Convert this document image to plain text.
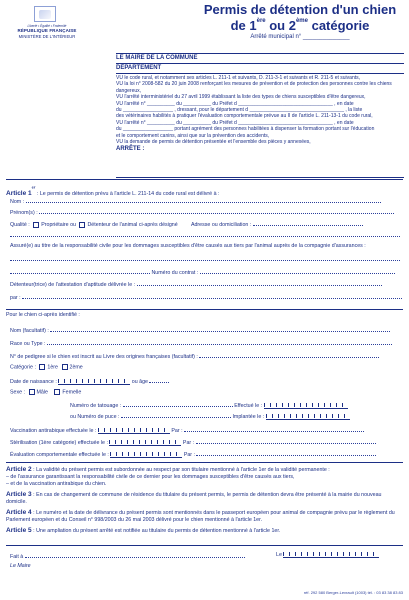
Liberté • Égalité • Fraternité
RÉPUBLIQUE FRANÇAISE
MINISTÈRE DE L'INTÉRIEUR
Permis de détention d'un chien
de 1ère ou 2ème catégorie
Arrêté municipal n° ______________

LE MAIRE DE LA COMMUNE

DÉPARTEMENT

VU le code rural, et notamment ses articles L. 211-1 et suivants, D. 211-3-1 et suivants et R. 211-5 et suivants,

VU la loi n° 2008-582 du 20 juin 2008 renforçant les mesures de prévention et de protection des personnes contre les chiens dangereux,

VU l'arrêté interministériel du 27 avril 1999 établissant la liste des types de chiens susceptibles d'être dangereux,

VU l'arrêté n° __________ du __________ du Préfet d __________________________________ , en date

du __________________ , dressant, pour le département d __________________________________ , la liste

des vétérinaires habilités à pratiquer l'évaluation comportementale prévue au II de l'article L. 211-13-1 du code rural,

VU l'arrêté n° __________ du __________ du Préfet d __________________________________ , en date

du __________________ portant agrément des personnes habilitées à dispenser la formation portant sur l'éducation

et le comportement canins, ainsi que sur la prévention des accidents,

VU la demande de permis de détention présentée et l'ensemble des pièces y annexées,

ARRÊTE :

Article 1er : Le permis de détention prévu à l'article L. 211-14 du code rural est délivré à :
Nom :
Prénom(s) :
Qualité : Propriétaire ou Détenteur de l'animal ci-après désigné	Adresse ou domiciliation :
Assuré(e) au titre de la responsabilité civile pour les dommages susceptibles d'être causés aux tiers par l'animal auprès de la compagnie d'assurances :
Numéro du contrat :
Détenteur(trice) de l'attestation d'aptitude délivrée le :
par :
Pour le chien ci-après identifié :
Nom (facultatif) :
Race ou Type :
N° de pedigree si le chien est inscrit au Livre des origines françaises (facultatif) :
Catégorie : 1ère 2ème
Date de naissance :	ou âge
Sexe : Mâle	Femelle
Numéro de tatouage :	Effectué le :
ou Numéro de puce :	Implantée le :
Vaccination antirabique effectuée le :	Par :
Stérilisation (1ère catégorie) effectuée le :	Par :
Évaluation comportementale effectuée le :	Par :
Article 2 : La validité du présent permis est subordonnée au respect par son titulaire mentionné à l'article 1er de la validité permanente :
– de l'assurance garantissant la responsabilité civile de ce dernier pour les dommages susceptibles d'être causés aux tiers,
– et de la vaccination antirabique du chien.
Article 3 : En cas de changement de commune de résidence du titulaire du présent permis, le permis de détention devra être présenté à la mairie du nouveau domicile.
Article 4 : Le numéro et la date de délivrance du présent permis sont mentionnés dans le passeport européen pour animal de compagnie prévu par le règlement du Parlement européen et du Conseil n° 998/2003 du 26 mai 2003 délivré pour le chien mentionné à l'article 1er.
Article 5 : Une ampliation du présent arrêté est notifiée au titulaire du permis de détention mentionné à l'article 1er.
Fait à	Le
Le Maire
réf. 292 580 Berger-Levrault (1003) tél. : 03 83 38 83 83
